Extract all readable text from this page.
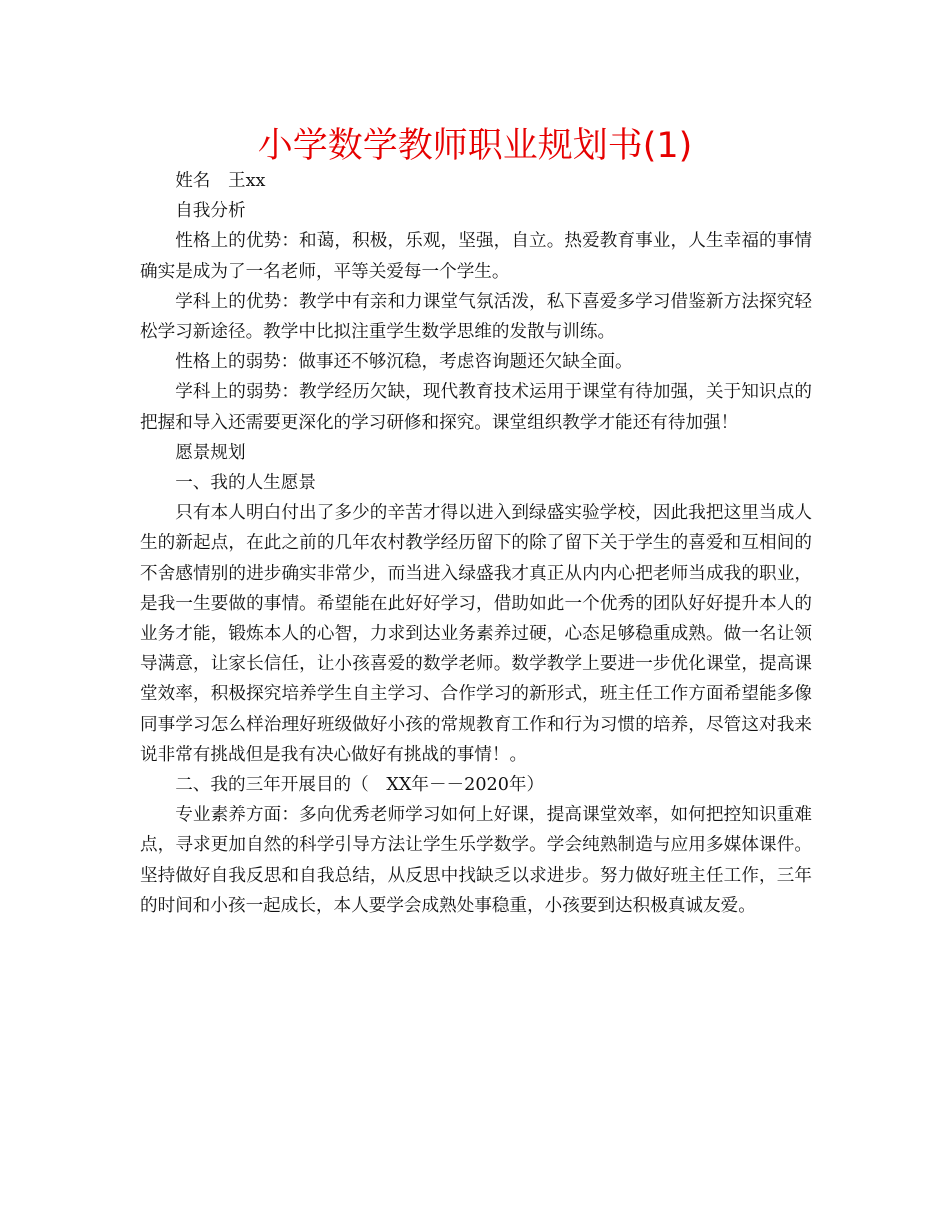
小学数学教师职业规划书(1)

姓名　王xx

自我分析

性格上的优势：和蔼，积极，乐观，坚强，自立。热爱教育事业，人生幸福的事情确实是成为了一名老师，平等关爱每一个学生。

学科上的优势：教学中有亲和力课堂气氛活泼，私下喜爱多学习借鉴新方法探究轻松学习新途径。教学中比拟注重学生数学思维的发散与训练。

性格上的弱势：做事还不够沉稳，考虑咨询题还欠缺全面。

学科上的弱势：教学经历欠缺，现代教育技术运用于课堂有待加强，关于知识点的把握和导入还需要更深化的学习研修和探究。课堂组织教学才能还有待加强！

愿景规划

一、我的人生愿景

只有本人明白付出了多少的辛苦才得以进入到绿盛实验学校，因此我把这里当成人生的新起点，在此之前的几年农村教学经历留下的除了留下关于学生的喜爱和互相间的不舍感情别的进步确实非常少，而当进入绿盛我才真正从内内心把老师当成我的职业，是我一生要做的事情。希望能在此好好学习，借助如此一个优秀的团队好好提升本人的业务才能，锻炼本人的心智，力求到达业务素养过硬，心态足够稳重成熟。做一名让领导满意，让家长信任，让小孩喜爱的数学老师。数学教学上要进一步优化课堂，提高课堂效率，积极探究培养学生自主学习、合作学习的新形式，班主任工作方面希望能多像同事学习怎么样治理好班级做好小孩的常规教育工作和行为习惯的培养，尽管这对我来说非常有挑战但是我有决心做好有挑战的事情！。

二、我的三年开展目的（　XX年－－2020年）

专业素养方面：多向优秀老师学习如何上好课，提高课堂效率，如何把控知识重难点，寻求更加自然的科学引导方法让学生乐学数学。学会纯熟制造与应用多媒体课件。坚持做好自我反思和自我总结，从反思中找缺乏以求进步。努力做好班主任工作，三年的时间和小孩一起成长，本人要学会成熟处事稳重，小孩要到达积极真诚友爱。
